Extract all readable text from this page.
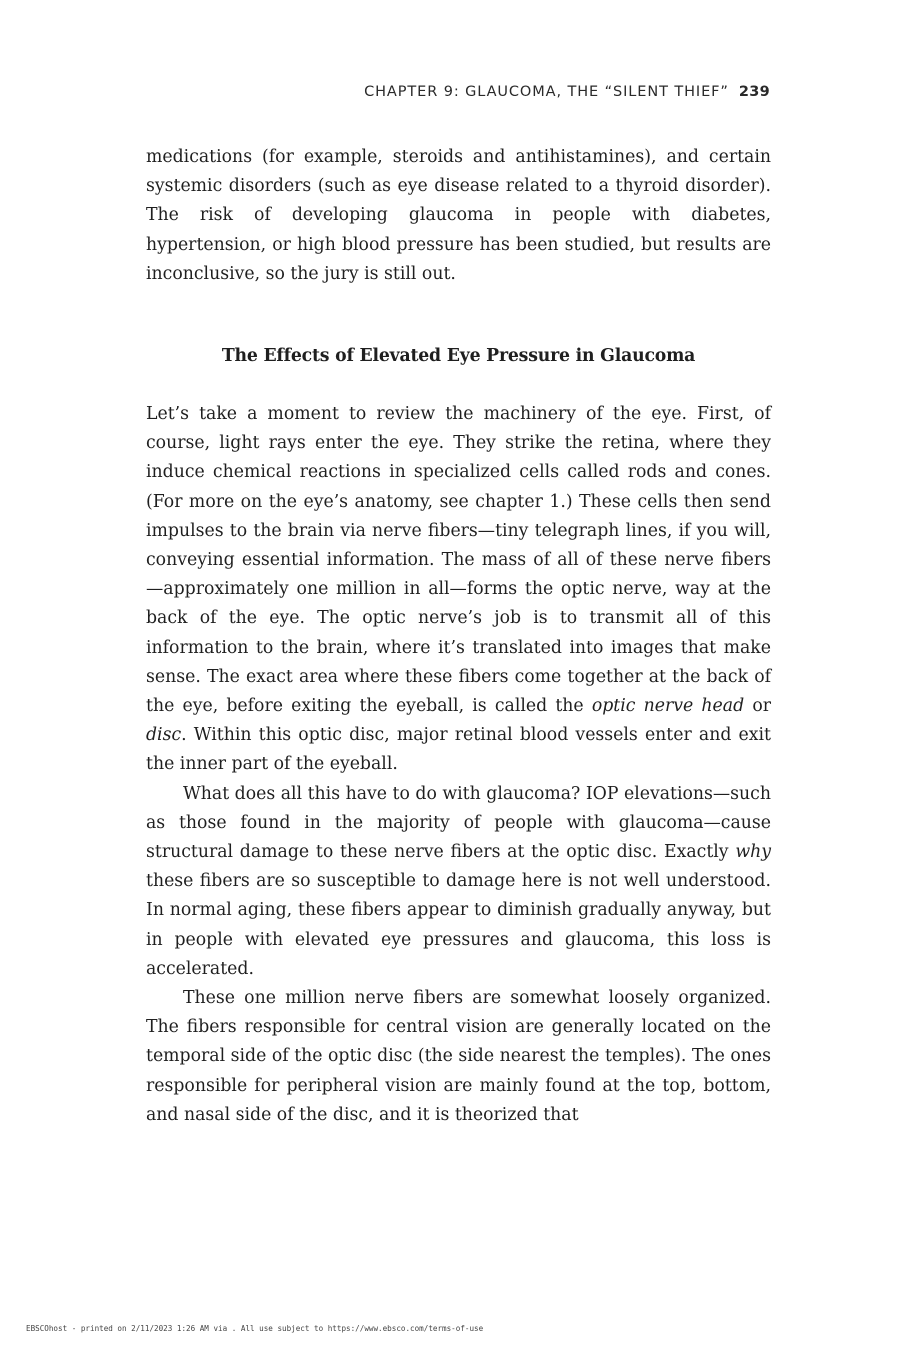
CHAPTER 9: GLAUCOMA, THE “SILENT THIEF” 239

medications (for example, steroids and antihistamines), and certain systemic disorders (such as eye disease related to a thyroid disorder). The risk of developing glaucoma in people with diabetes, hypertension, or high blood pressure has been studied, but results are inconclusive, so the jury is still out.

The Effects of Elevated Eye Pressure in Glaucoma

Let’s take a moment to review the machinery of the eye. First, of course, light rays enter the eye. They strike the retina, where they induce chemical reactions in specialized cells called rods and cones. (For more on the eye’s anatomy, see chapter 1.) These cells then send impulses to the brain via nerve fibers—tiny telegraph lines, if you will, conveying essential information. The mass of all of these nerve fibers—approximately one million in all—forms the optic nerve, way at the back of the eye. The optic nerve’s job is to transmit all of this information to the brain, where it’s translated into images that make sense. The exact area where these fibers come together at the back of the eye, before exiting the eyeball, is called the optic nerve head or disc. Within this optic disc, major retinal blood vessels enter and exit the inner part of the eyeball.

What does all this have to do with glaucoma? IOP elevations—such as those found in the majority of people with glaucoma—cause structural damage to these nerve fibers at the optic disc. Exactly why these fibers are so susceptible to damage here is not well understood. In normal aging, these fibers appear to diminish gradually anyway, but in people with elevated eye pressures and glaucoma, this loss is accelerated.

These one million nerve fibers are somewhat loosely organized. The fibers responsible for central vision are generally located on the temporal side of the optic disc (the side nearest the temples). The ones responsible for peripheral vision are mainly found at the top, bottom, and nasal side of the disc, and it is theorized that

EBSCOhost - printed on 2/11/2023 1:26 AM via . All use subject to https://www.ebsco.com/terms-of-use
